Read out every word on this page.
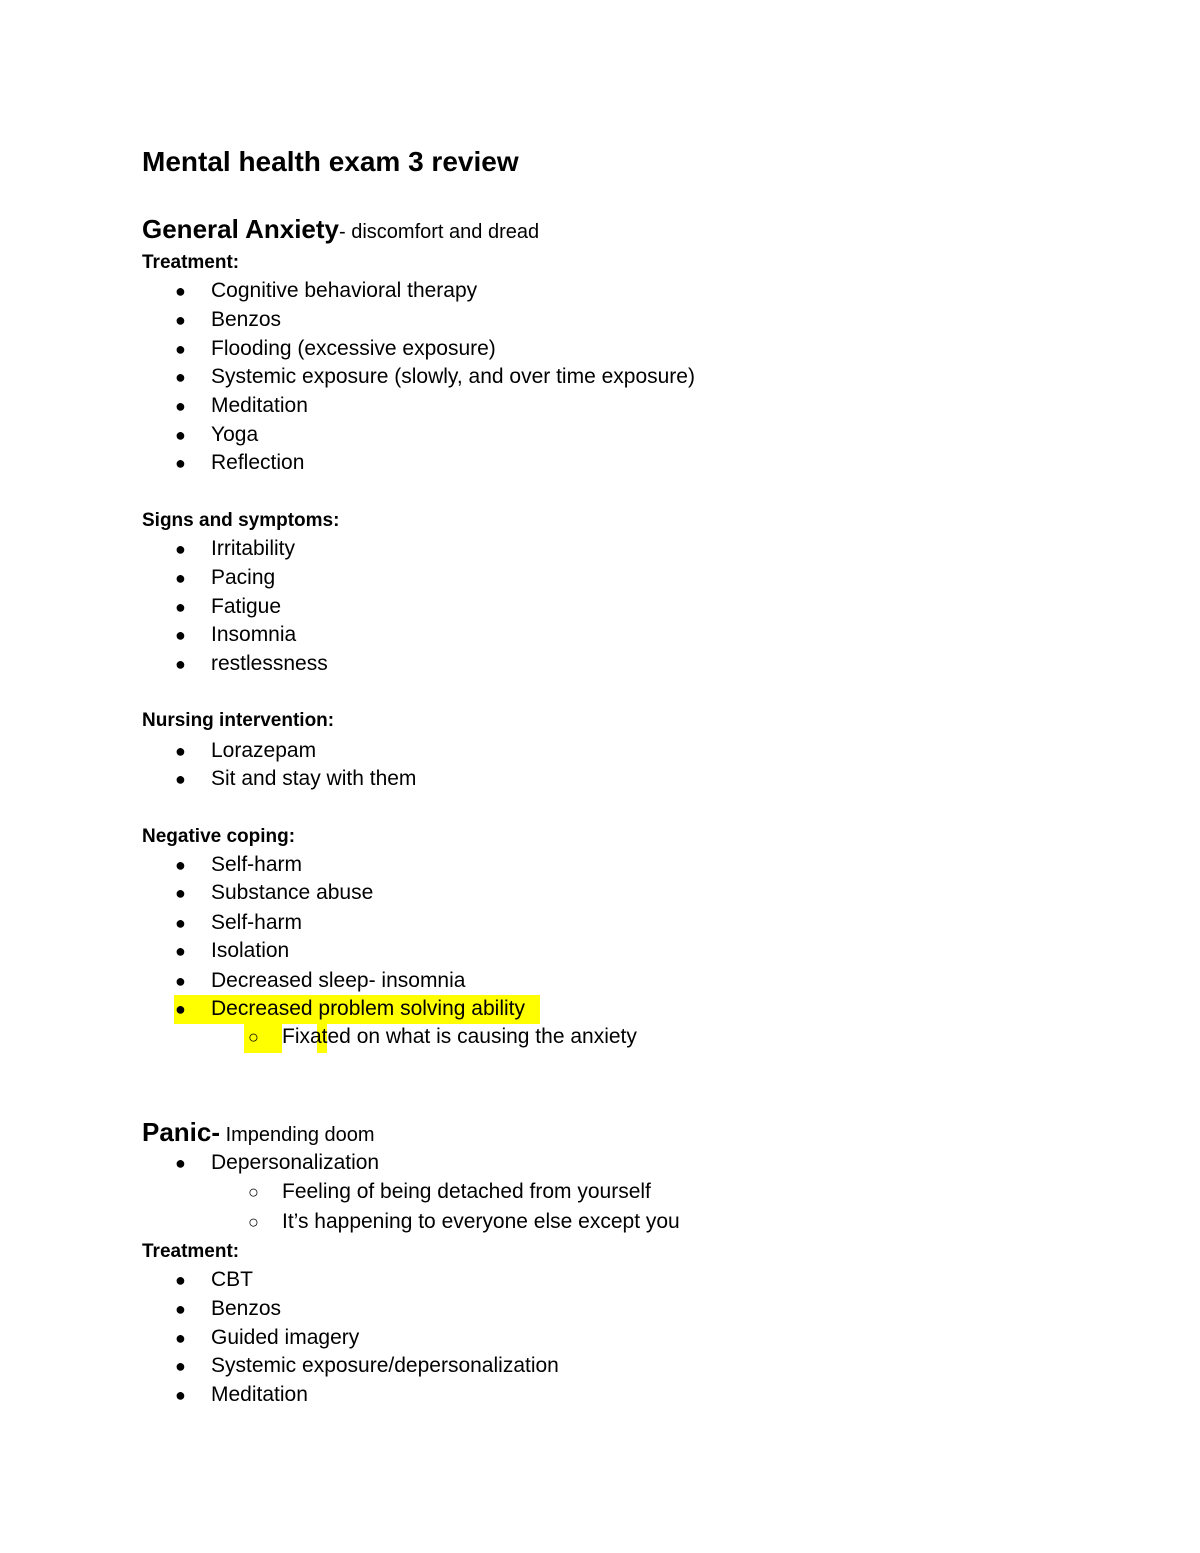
Mental health exam 3 review
General Anxiety- discomfort and dread
Treatment:
● Cognitive behavioral therapy
● Benzos
● Flooding (excessive exposure)
● Systemic exposure (slowly, and over time exposure)
● Meditation
● Yoga
● Reflection
Signs and symptoms:
● Irritability
● Pacing
● Fatigue
● Insomnia
● restlessness
Nursing intervention:
● Lorazepam
● Sit and stay with them
Negative coping:
● Self-harm
● Substance abuse
● Self-harm
● Isolation
● Decreased sleep- insomnia
● Decreased problem solving ability
○ Fixated on what is causing the anxiety
Panic- Impending doom
● Depersonalization
○ Feeling of being detached from yourself
○ It’s happening to everyone else except you
Treatment:
● CBT
● Benzos
● Guided imagery
● Systemic exposure/depersonalization
● Meditation
